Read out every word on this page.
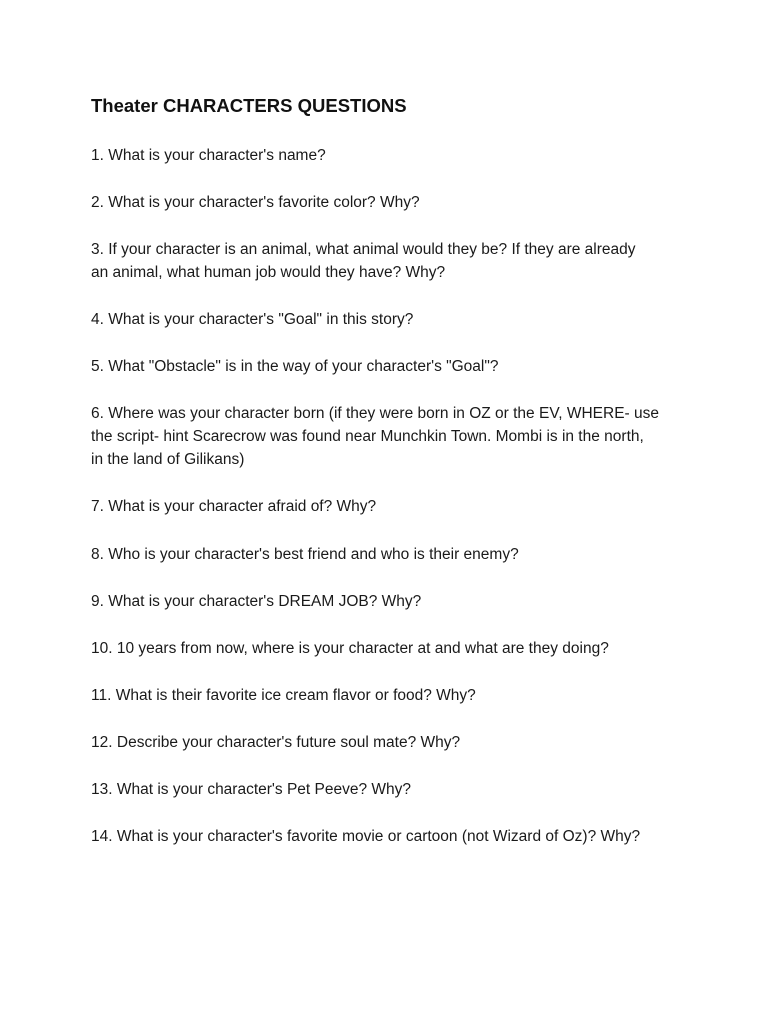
Theater CHARACTERS QUESTIONS
1. What is your character's name?
2. What is your character's favorite color? Why?
3. If your character is an animal, what animal would they be? If they are already
an animal, what human job would they have? Why?
4. What is your character's "Goal" in this story?
5. What "Obstacle" is in the way of your character's "Goal"?
6. Where was your character born (if they were born in OZ or the EV, WHERE- use
the script- hint Scarecrow was found near Munchkin Town. Mombi is in the north,
in the land of Gilikans)
7. What is your character afraid of? Why?
8. Who is your character's best friend and who is their enemy?
9. What is your character's DREAM JOB? Why?
10. 10 years from now, where is your character at and what are they doing?
11. What is their favorite ice cream flavor or food? Why?
12. Describe your character's future soul mate? Why?
13. What is your character's Pet Peeve? Why?
14. What is your character's favorite movie or cartoon (not Wizard of Oz)? Why?
